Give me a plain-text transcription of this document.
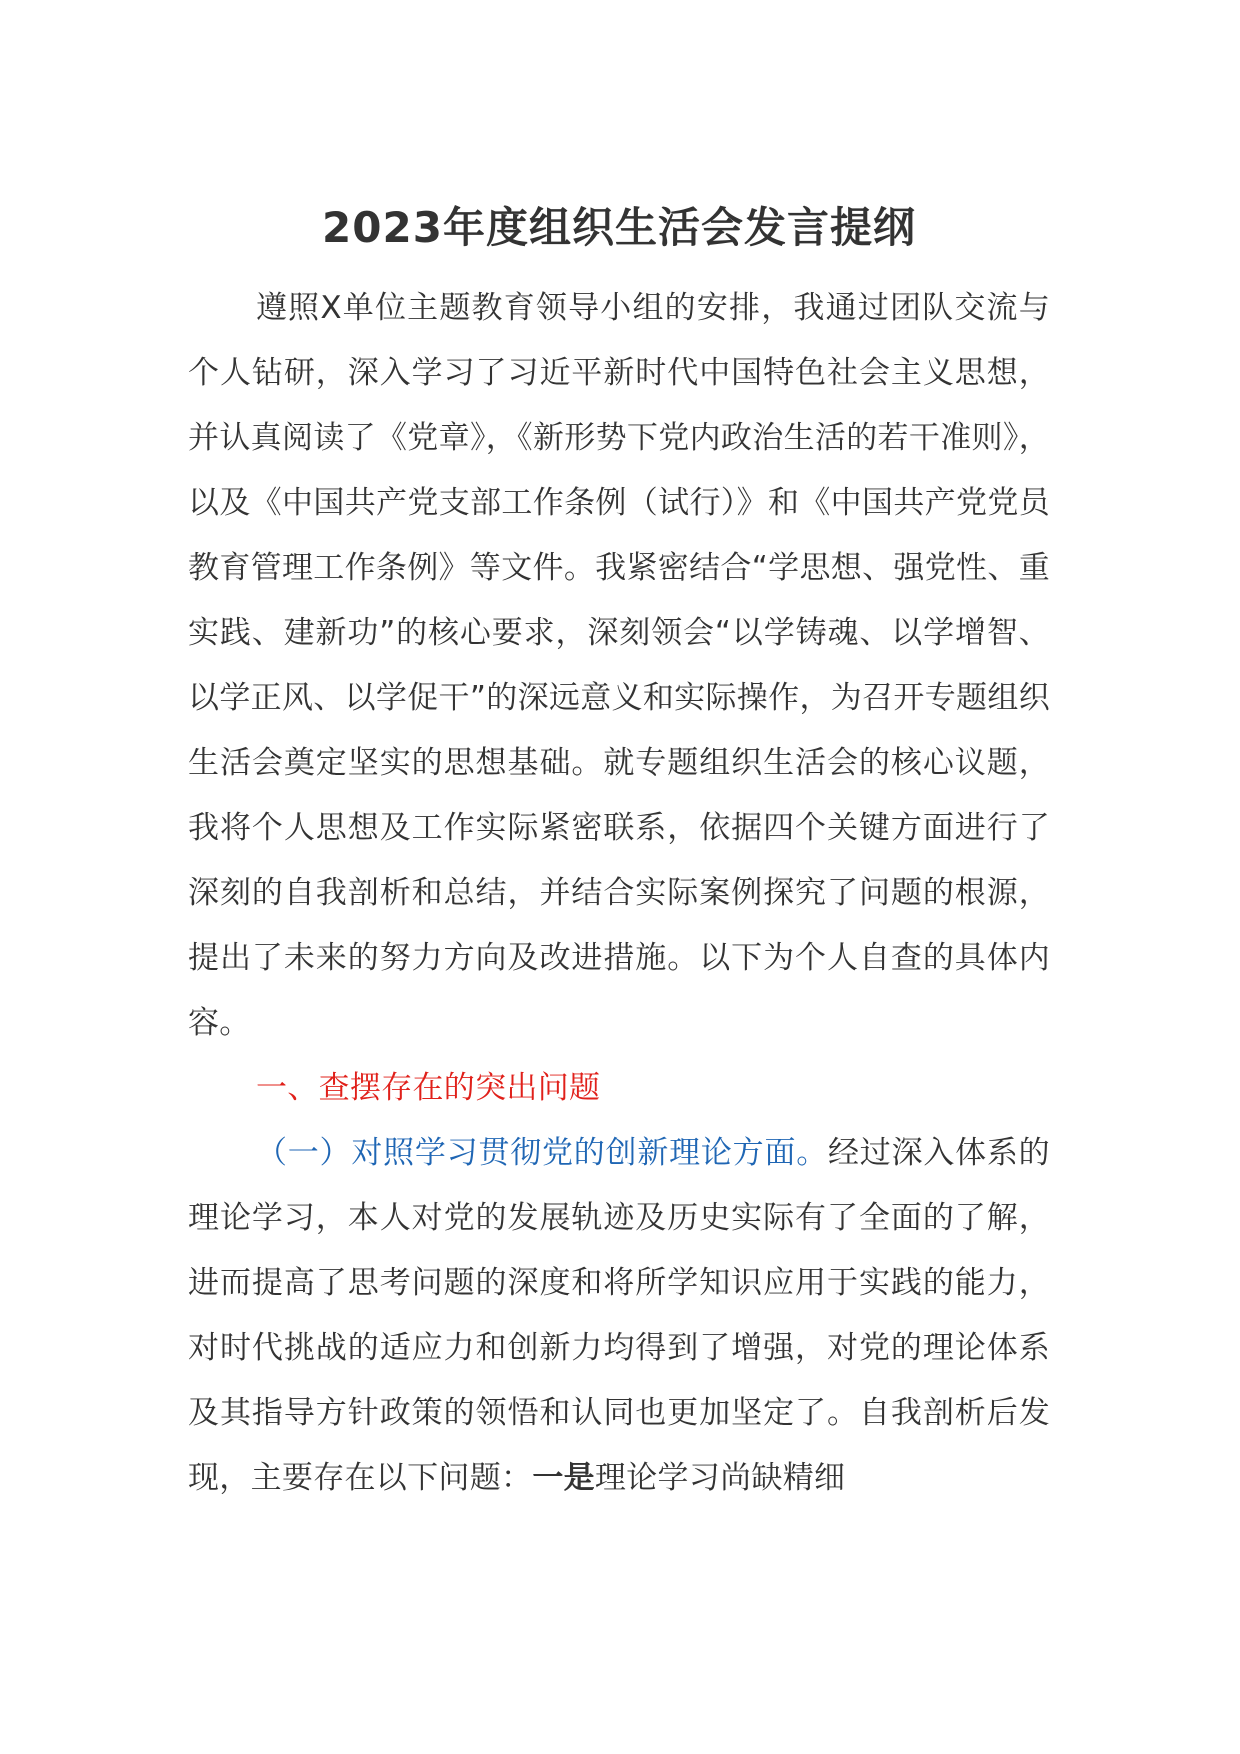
2023年度组织生活会发言提纲

遵照X单位主题教育领导小组的安排，我通过团队交流与个人钻研，深入学习了习近平新时代中国特色社会主义思想，并认真阅读了《党章》，《新形势下党内政治生活的若干准则》，以及《中国共产党支部工作条例（试行）》和《中国共产党党员教育管理工作条例》等文件。我紧密结合“学思想、强党性、重实践、建新功”的核心要求，深刻领会“以学铸魂、以学增智、以学正风、以学促干”的深远意义和实际操作，为召开专题组织生活会奠定坚实的思想基础。就专题组织生活会的核心议题，我将个人思想及工作实际紧密联系，依据四个关键方面进行了深刻的自我剖析和总结，并结合实际案例探究了问题的根源，提出了未来的努力方向及改进措施。以下为个人自查的具体内容。

一、查摆存在的突出问题

（一）对照学习贯彻党的创新理论方面。经过深入体系的理论学习，本人对党的发展轨迹及历史实际有了全面的了解，进而提高了思考问题的深度和将所学知识应用于实践的能力，对时代挑战的适应力和创新力均得到了增强，对党的理论体系及其指导方针政策的领悟和认同也更加坚定了。自我剖析后发现，主要存在以下问题：一是理论学习尚缺精细
